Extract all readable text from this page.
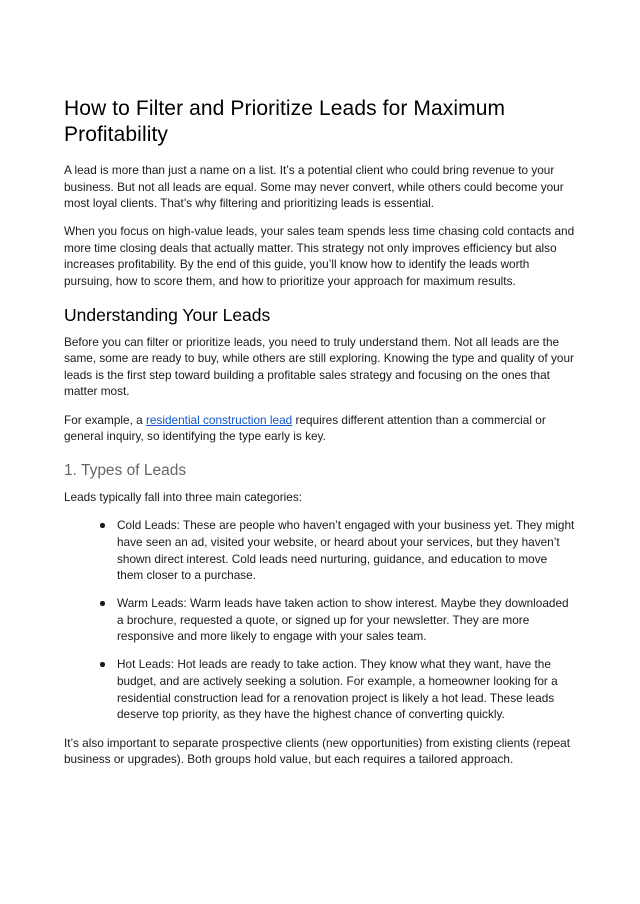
How to Filter and Prioritize Leads for Maximum Profitability

A lead is more than just a name on a list. It’s a potential client who could bring revenue to your business. But not all leads are equal. Some may never convert, while others could become your most loyal clients. That’s why filtering and prioritizing leads is essential.

When you focus on high-value leads, your sales team spends less time chasing cold contacts and more time closing deals that actually matter. This strategy not only improves efficiency but also increases profitability. By the end of this guide, you’ll know how to identify the leads worth pursuing, how to score them, and how to prioritize your approach for maximum results.

Understanding Your Leads

Before you can filter or prioritize leads, you need to truly understand them. Not all leads are the same, some are ready to buy, while others are still exploring. Knowing the type and quality of your leads is the first step toward building a profitable sales strategy and focusing on the ones that matter most.

For example, a residential construction lead requires different attention than a commercial or general inquiry, so identifying the type early is key.

1. Types of Leads

Leads typically fall into three main categories:

Cold Leads: These are people who haven’t engaged with your business yet. They might have seen an ad, visited your website, or heard about your services, but they haven’t shown direct interest. Cold leads need nurturing, guidance, and education to move them closer to a purchase.
Warm Leads: Warm leads have taken action to show interest. Maybe they downloaded a brochure, requested a quote, or signed up for your newsletter. They are more responsive and more likely to engage with your sales team.
Hot Leads: Hot leads are ready to take action. They know what they want, have the budget, and are actively seeking a solution. For example, a homeowner looking for a residential construction lead for a renovation project is likely a hot lead. These leads deserve top priority, as they have the highest chance of converting quickly.

It’s also important to separate prospective clients (new opportunities) from existing clients (repeat business or upgrades). Both groups hold value, but each requires a tailored approach.
